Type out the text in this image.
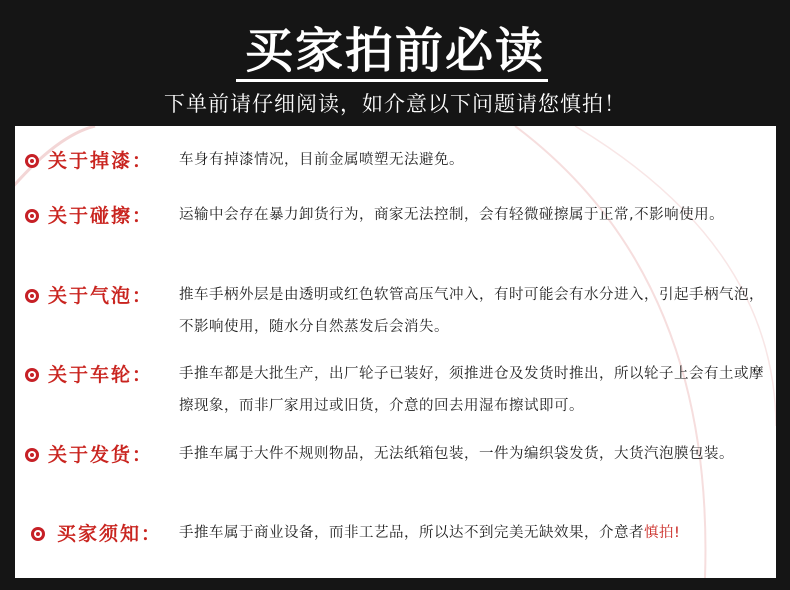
买家拍前必读
下单前请仔细阅读，如介意以下问题请您慎拍！
关于掉漆： 车身有掉漆情况，目前金属喷塑无法避免。
关于碰擦： 运输中会存在暴力卸货行为，商家无法控制，会有轻微碰擦属于正常,不影响使用。
关于气泡： 推车手柄外层是由透明或红色软管高压气冲入，有时可能会有水分进入，引起手柄气泡，不影响使用，随水分自然蒸发后会消失。
关于车轮： 手推车都是大批生产，出厂轮子已装好，须推进仓及发货时推出，所以轮子上会有土或摩擦现象，而非厂家用过或旧货，介意的回去用湿布擦试即可。
关于发货： 手推车属于大件不规则物品，无法纸箱包装，一件为编织袋发货，大货汽泡膜包装。
买家须知： 手推车属于商业设备，而非工艺品，所以达不到完美无缺效果，介意者慎拍!
